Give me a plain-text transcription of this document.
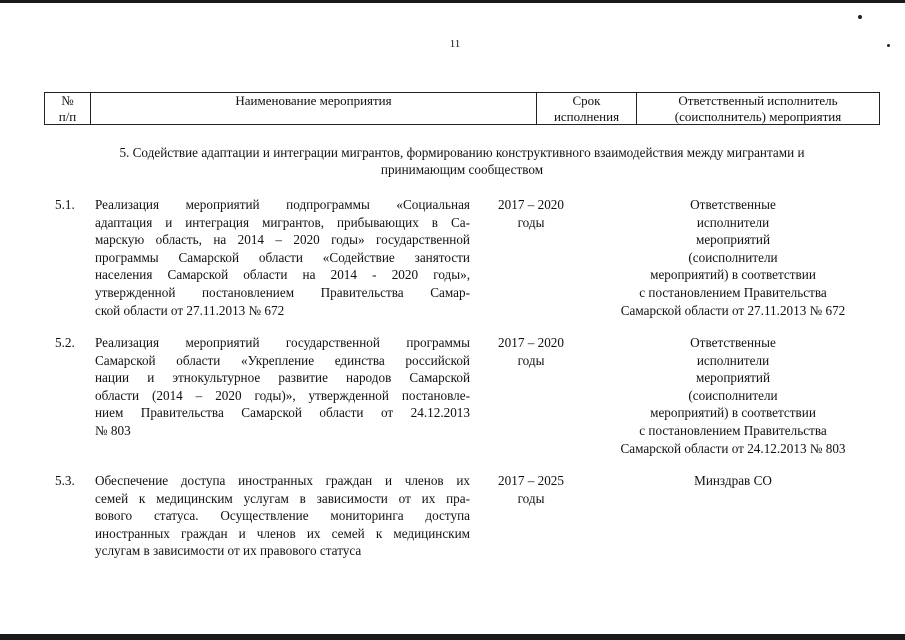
11
№
п/п
Наименование мероприятия	Срок
исполнения
Ответственный исполнитель
(соисполнитель) мероприятия
5. Содействие адаптации и интеграции мигрантов, формированию конструктивного взаимодействия между мигрантами и
принимающим сообществом
5.1. Реализация мероприятий подпрограммы «Социальная
адаптация и интеграция мигрантов, прибывающих в Са-
марскую область, на 2014 – 2020 годы» государственной
программы Самарской области «Содействие занятости
населения Самарской области на 2014 - 2020 годы»,
утвержденной постановлением Правительства Самар-
ской области от 27.11.2013 № 672
2017 – 2020
годы
Ответственные
исполнители
мероприятий
(соисполнители
мероприятий) в соответствии
с постановлением Правительства
Самарской области от 27.11.2013 № 672
5.2. Реализация мероприятий государственной программы
Самарской области «Укрепление единства российской
нации и этнокультурное развитие народов Самарской
области (2014 – 2020 годы)», утвержденной постановле-
нием Правительства Самарской области от 24.12.2013
№ 803
2017 – 2020
годы
Ответственные
исполнители
мероприятий
(соисполнители
мероприятий) в соответствии
с постановлением Правительства
Самарской области от 24.12.2013 № 803
5.3. Обеспечение доступа иностранных граждан и членов их
семей к медицинским услугам в зависимости от их пра-
вового статуса. Осуществление мониторинга доступа
иностранных граждан и членов их семей к медицинским
услугам в зависимости от их правового статуса
2017 – 2025
годы
Минздрав СО
